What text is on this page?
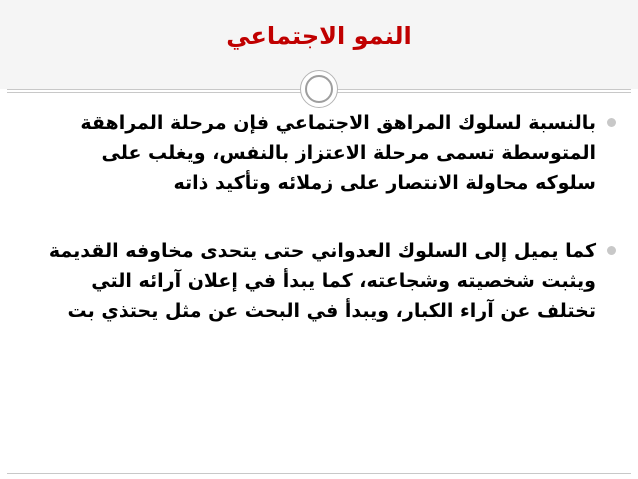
النمو الاجتماعي
بالنسبة لسلوك المراهق الاجتماعي فإن مرحلة المراهقة المتوسطة تسمى مرحلة الاعتزاز بالنفس، ويغلب على سلوكه محاولة الانتصار على زملائه وتأكيد ذاته
كما يميل إلى السلوك العدواني حتى يتحدى مخاوفه القديمة ويثبت شخصيته وشجاعته، كما يبدأ في إعلان آرائه التي تختلف عن آراء الكبار، ويبدأ في البحث عن مثل يحتذي بت
